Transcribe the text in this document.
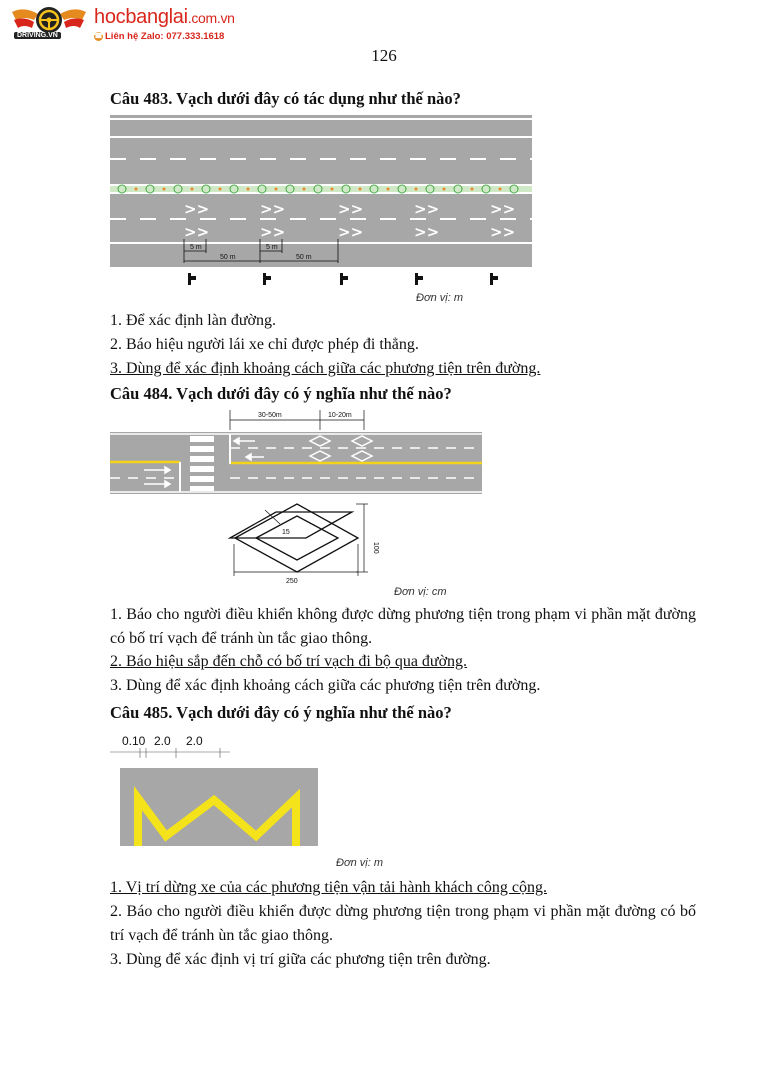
DRIVING.VN
hocbanglai.com.vn
☎ Liên hệ Zalo: 077.333.1618
126
Câu 483. Vạch dưới đây có tác dụng như thế nào?
>>
>>
>>
>>
>>
>>
>>
>>
>>
>>
5 m
50 m
5 m
50 m
Đơn vị: m
1. Để xác định làn đường.
2. Báo hiệu người lái xe chỉ được phép đi thẳng.
3. Dùng để xác định khoảng cách giữa các phương tiện trên đường.
Câu 484. Vạch dưới đây có ý nghĩa như thế nào?
30-50m	10-20m
15
100
250
Đơn vị: cm
1. Báo cho người điều khiển không được dừng phương tiện trong phạm vi phần mặt đường có bố trí vạch để tránh ùn tắc giao thông.
2. Báo hiệu sắp đến chỗ có bố trí vạch đi bộ qua đường.
3. Dùng để xác định khoảng cách giữa các phương tiện trên đường.
Câu 485. Vạch dưới đây có ý nghĩa như thế nào?
0.10 2.0 2.0
Đơn vị: m
1. Vị trí dừng xe của các phương tiện vận tải hành khách công cộng.
2. Báo cho người điều khiển được dừng phương tiện trong phạm vi phần mặt đường có bố trí vạch để tránh ùn tắc giao thông.
3. Dùng để xác định vị trí giữa các phương tiện trên đường.
